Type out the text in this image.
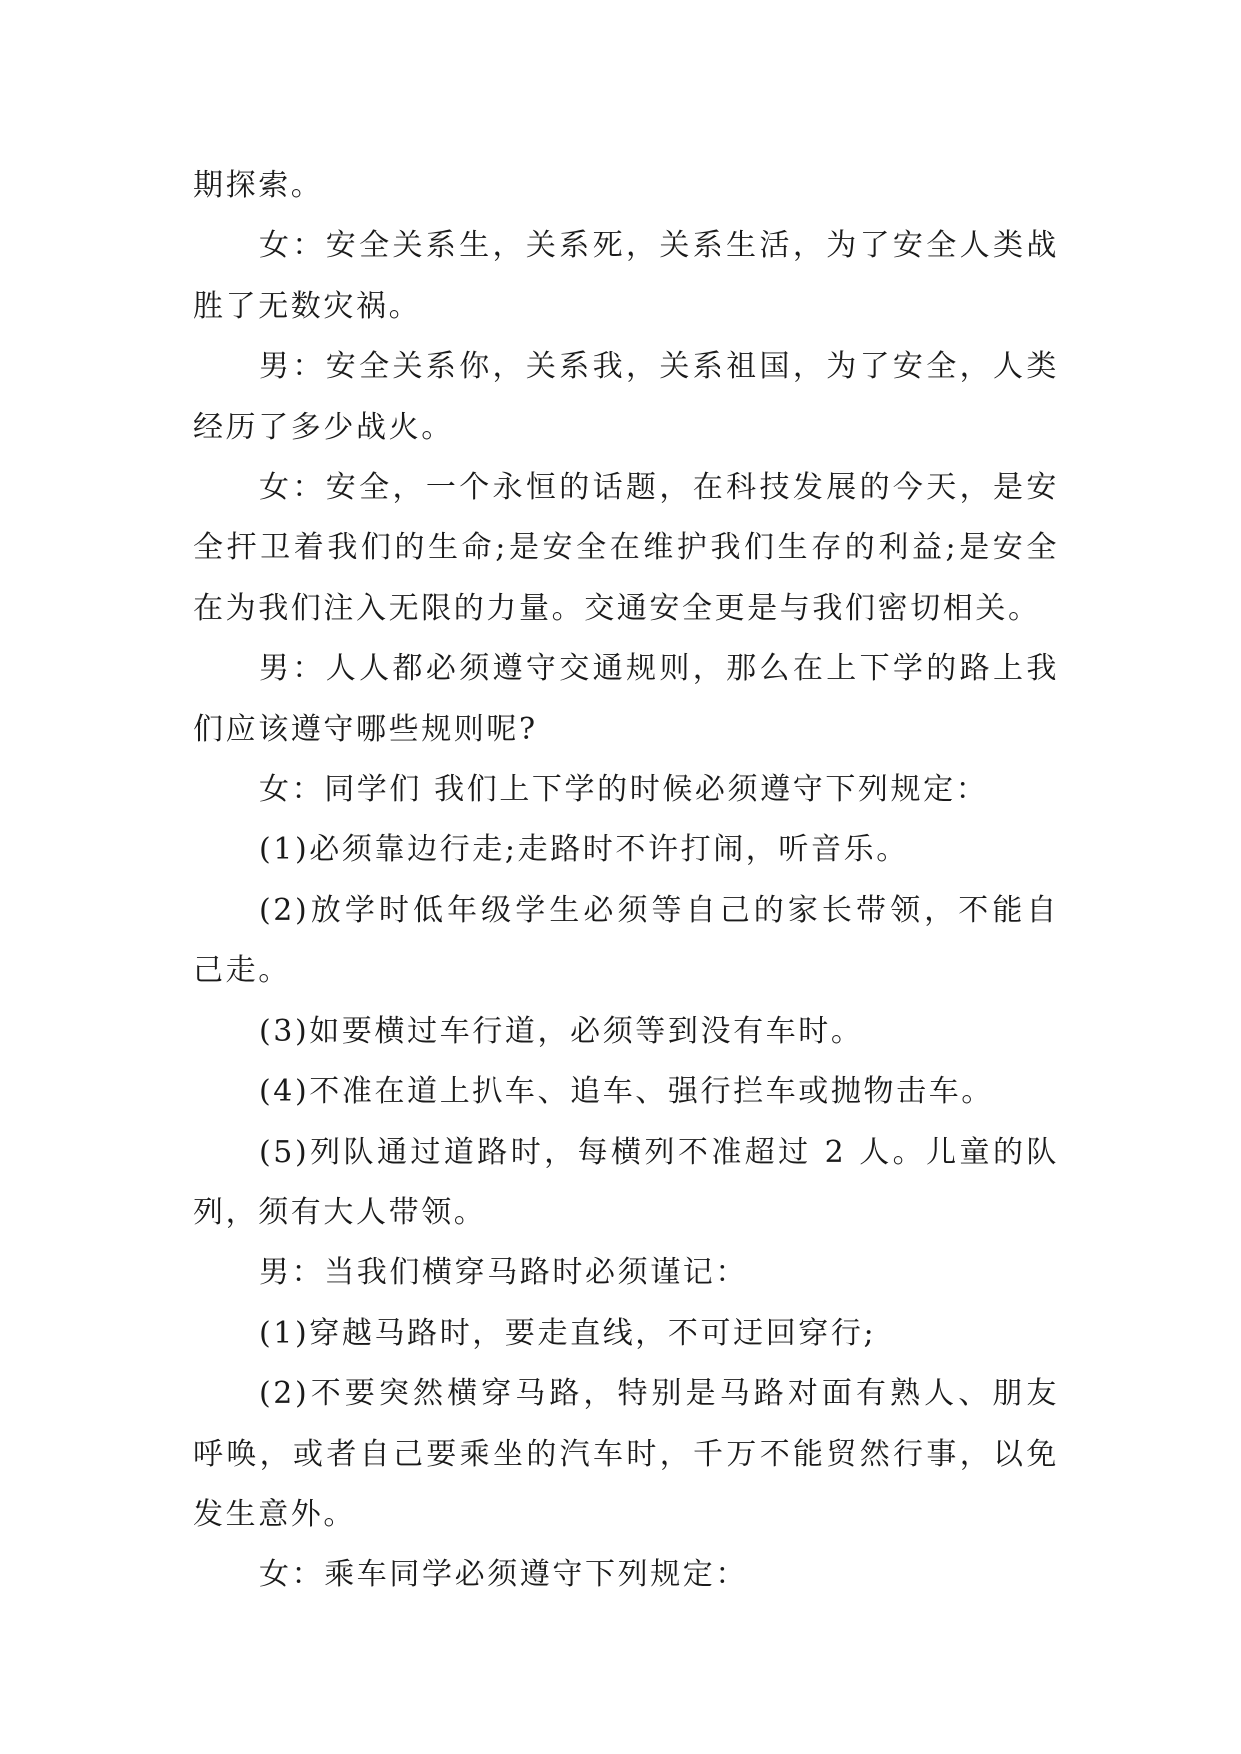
期探索。

女：安全关系生，关系死，关系生活，为了安全人类战胜了无数灾祸。

男：安全关系你，关系我，关系祖国，为了安全，人类经历了多少战火。

女：安全，一个永恒的话题，在科技发展的今天，是安全扞卫着我们的生命;是安全在维护我们生存的利益;是安全在为我们注入无限的力量。交通安全更是与我们密切相关。

男：人人都必须遵守交通规则，那么在上下学的路上我们应该遵守哪些规则呢?

女：同学们 我们上下学的时候必须遵守下列规定：

(1)必须靠边行走;走路时不许打闹，听音乐。

(2)放学时低年级学生必须等自己的家长带领，不能自己走。

(3)如要横过车行道，必须等到没有车时。

(4)不准在道上扒车、追车、强行拦车或抛物击车。

(5)列队通过道路时，每横列不准超过 2 人。儿童的队列，须有大人带领。

男：当我们横穿马路时必须谨记：

(1)穿越马路时，要走直线，不可迂回穿行;

(2)不要突然横穿马路，特别是马路对面有熟人、朋友呼唤，或者自己要乘坐的汽车时，千万不能贸然行事，以免发生意外。

女：乘车同学必须遵守下列规定：
